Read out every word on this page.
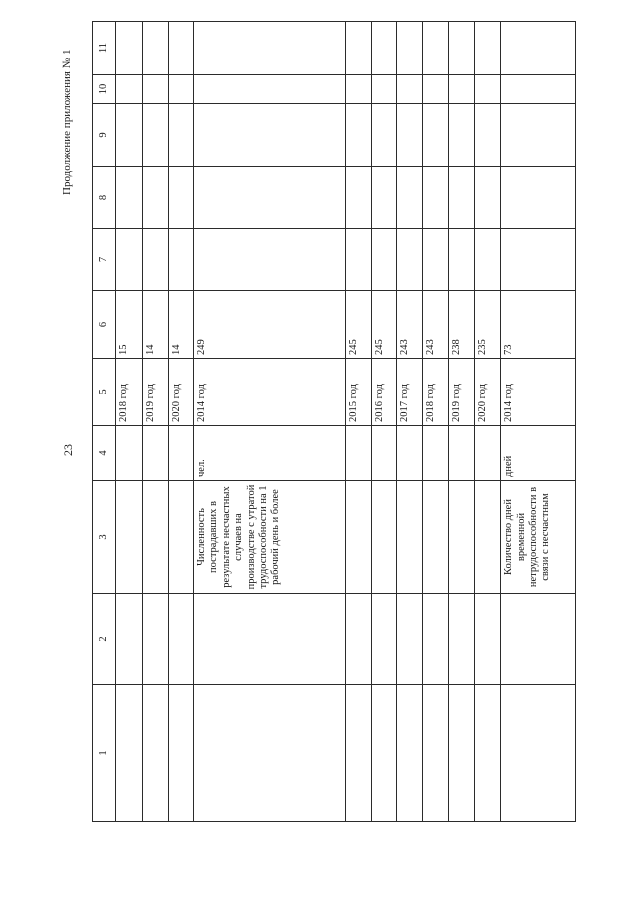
23
Продолжение приложения № 1
1	2	3	4	5	6	7	8	9	10	11
				2018 год	15					
				2019 год	14					
				2020 год	14					
		Численность пострадавших в результате несчастных случаев на производстве с утратой трудоспособности на 1 рабочий день и более	чел.	2014 год	249					
				2015 год	245					
				2016 год	245					
				2017 год	243					
				2018 год	243					
				2019 год	238					
				2020 год	235					
		Количество дней временной нетрудоспособности в связи с несчастным	дней	2014 год	73					
